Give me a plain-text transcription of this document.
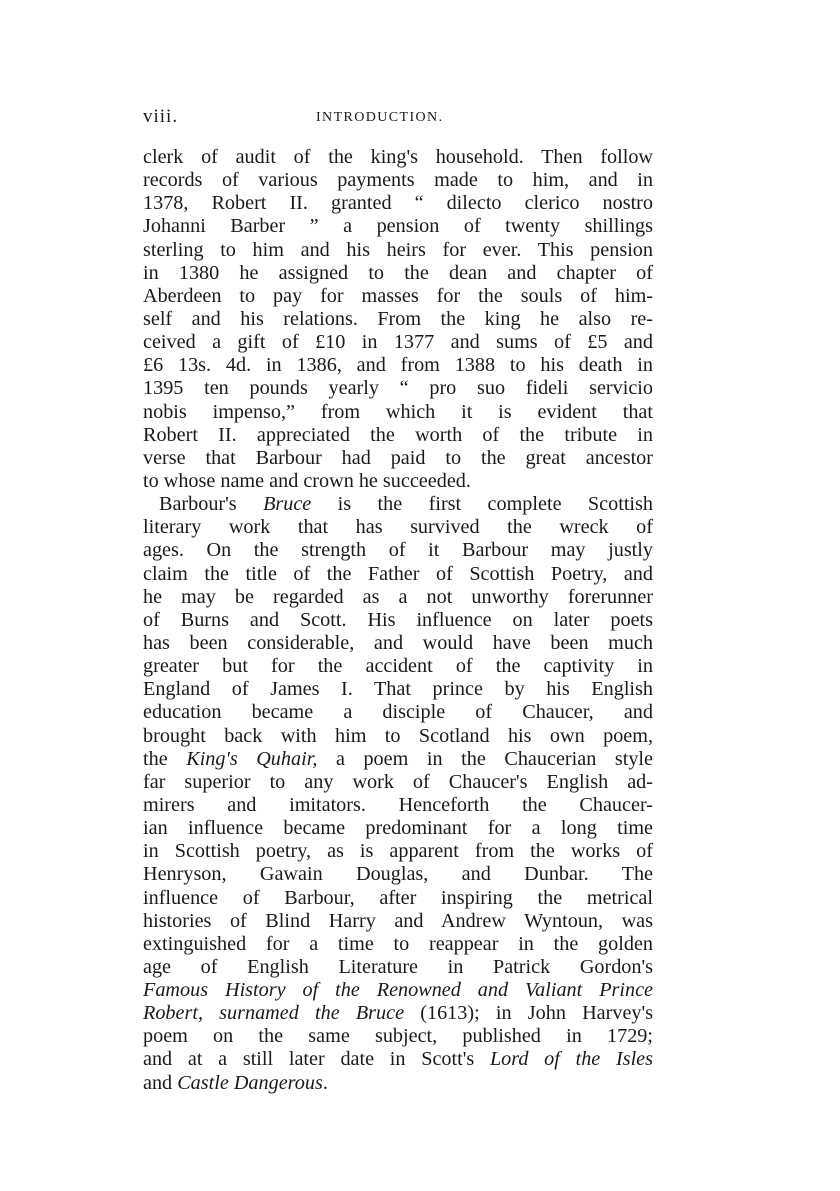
viii.	INTRODUCTION.
clerk of audit of the king's household. Then follow
records of various payments made to him, and in
1378, Robert II. granted “ dilecto clerico nostro
Johanni Barber ” a pension of twenty shillings
sterling to him and his heirs for ever. This pension
in 1380 he assigned to the dean and chapter of
Aberdeen to pay for masses for the souls of him-
self and his relations. From the king he also re-
ceived a gift of £10 in 1377 and sums of £5 and
£6 13s. 4d. in 1386, and from 1388 to his death in
1395 ten pounds yearly “ pro suo fideli servicio
nobis impenso,” from which it is evident that
Robert II. appreciated the worth of the tribute in
verse that Barbour had paid to the great ancestor
to whose name and crown he succeeded.
Barbour's Bruce is the first complete Scottish
literary work that has survived the wreck of
ages. On the strength of it Barbour may justly
claim the title of the Father of Scottish Poetry, and
he may be regarded as a not unworthy forerunner
of Burns and Scott. His influence on later poets
has been considerable, and would have been much
greater but for the accident of the captivity in
England of James I. That prince by his English
education became a disciple of Chaucer, and
brought back with him to Scotland his own poem,
the King's Quhair, a poem in the Chaucerian style
far superior to any work of Chaucer's English ad-
mirers and imitators. Henceforth the Chaucer-
ian influence became predominant for a long time
in Scottish poetry, as is apparent from the works of
Henryson, Gawain Douglas, and Dunbar. The
influence of Barbour, after inspiring the metrical
histories of Blind Harry and Andrew Wyntoun, was
extinguished for a time to reappear in the golden
age of English Literature in Patrick Gordon's
Famous History of the Renowned and Valiant Prince
Robert, surnamed the Bruce (1613); in John Harvey's
poem on the same subject, published in 1729;
and at a still later date in Scott's Lord of the Isles
and Castle Dangerous.
